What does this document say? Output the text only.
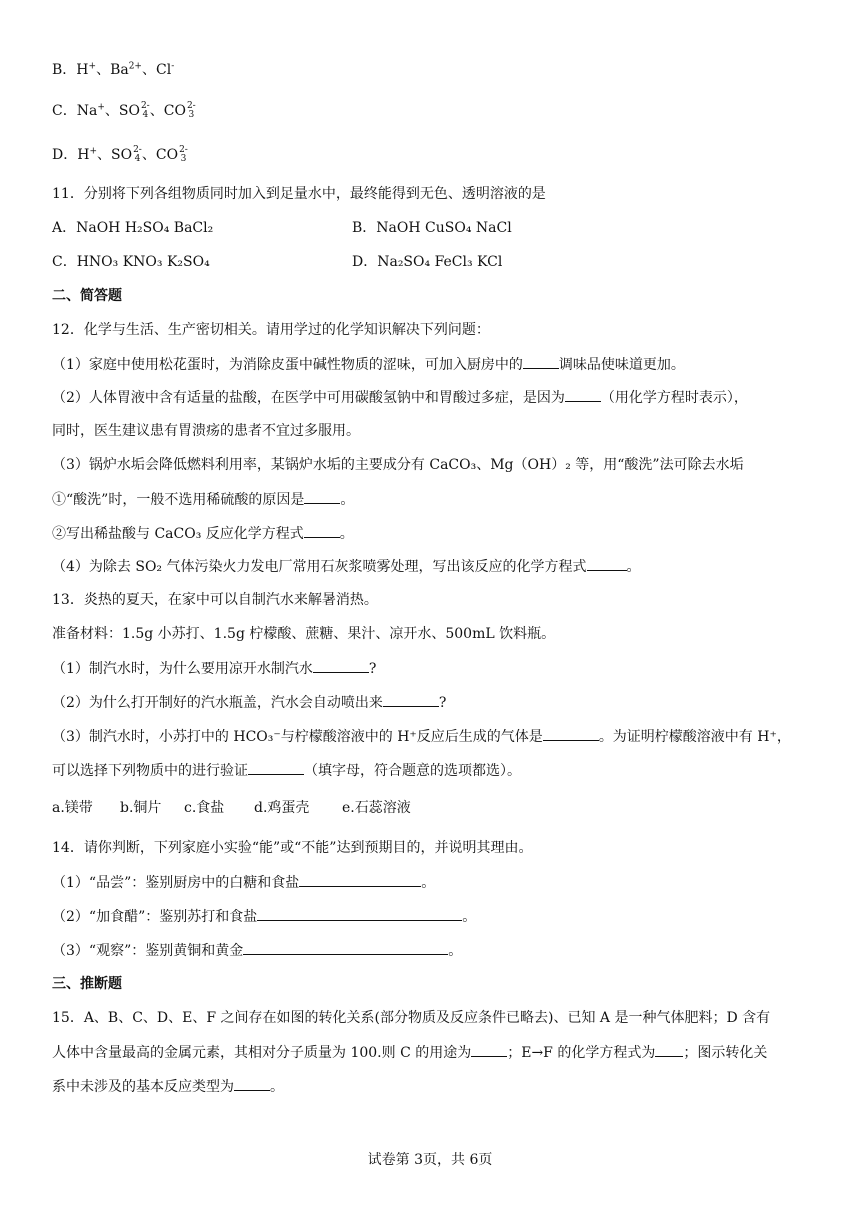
B．H+、$Ba^{2+}$、Cl-
C．Na+、SO 2-
4 、CO 2-
3
D．H+、SO 2-
4 、CO 2-
3
11．分别将下列各组物质同时加入到足量水中，最终能得到无色、透明溶液的是
A．NaOH H₂SO₄ BaCl₂	B．NaOH CuSO₄ NaCl
C．HNO₃ KNO₃ K₂SO₄	D．Na₂SO₄ FeCl₃ KCl
二、简答题
12．化学与生活、生产密切相关。请用学过的化学知识解决下列问题：
（1）家庭中使用松花蛋时，为消除皮蛋中碱性物质的涩味，可加入厨房中的	调味品使味道更加。
（2）人体胃液中含有适量的盐酸，在医学中可用碳酸氢钠中和胃酸过多症，是因为	（用化学方程时表示），
同时，医生建议患有胃溃疡的患者不宜过多服用。
（3）锅炉水垢会降低燃料利用率，某锅炉水垢的主要成分有 CaCO₃、Mg（OH）₂ 等，用“酸洗”法可除去水垢
①“酸洗”时，一般不选用稀硫酸的原因是	。
②写出稀盐酸与 CaCO₃ 反应化学方程式	。
（4）为除去 SO₂ 气体污染火力发电厂常用石灰浆喷雾处理，写出该反应的化学方程式	。
13．炎热的夏天，在家中可以自制汽水来解暑消热。
准备材料：1.5g 小苏打、1.5g 柠檬酸、蔗糖、果汁、凉开水、500mL 饮料瓶。
（1）制汽水时，为什么要用凉开水制汽水	?
（2）为什么打开制好的汽水瓶盖，汽水会自动喷出来	?
（3）制汽水时，小苏打中的 HCO₃⁻与柠檬酸溶液中的 H⁺反应后生成的气体是	。为证明柠檬酸溶液中有 H⁺，
可以选择下列物质中的进行验证	（填字母，符合题意的选项都选）。
a.镁带 b.铜片 c.食盐 d.鸡蛋壳 e.石蕊溶液
14．请你判断，下列家庭小实验“能”或“不能”达到预期目的，并说明其理由。
（1）“品尝”：鉴别厨房中的白糖和食盐	。
（2）“加食醋”：鉴别苏打和食盐	。
（3）“观察”：鉴别黄铜和黄金	。
三、推断题
15．A、B、C、D、E、F 之间存在如图的转化关系(部分物质及反应条件已略去)、已知 A 是一种气体肥料；D 含有
人体中含量最高的金属元素，其相对分子质量为 100.则 C 的用途为	；E→F 的化学方程式为 ；图示转化关
系中未涉及的基本反应类型为	。
试卷第 3页，共 6页
